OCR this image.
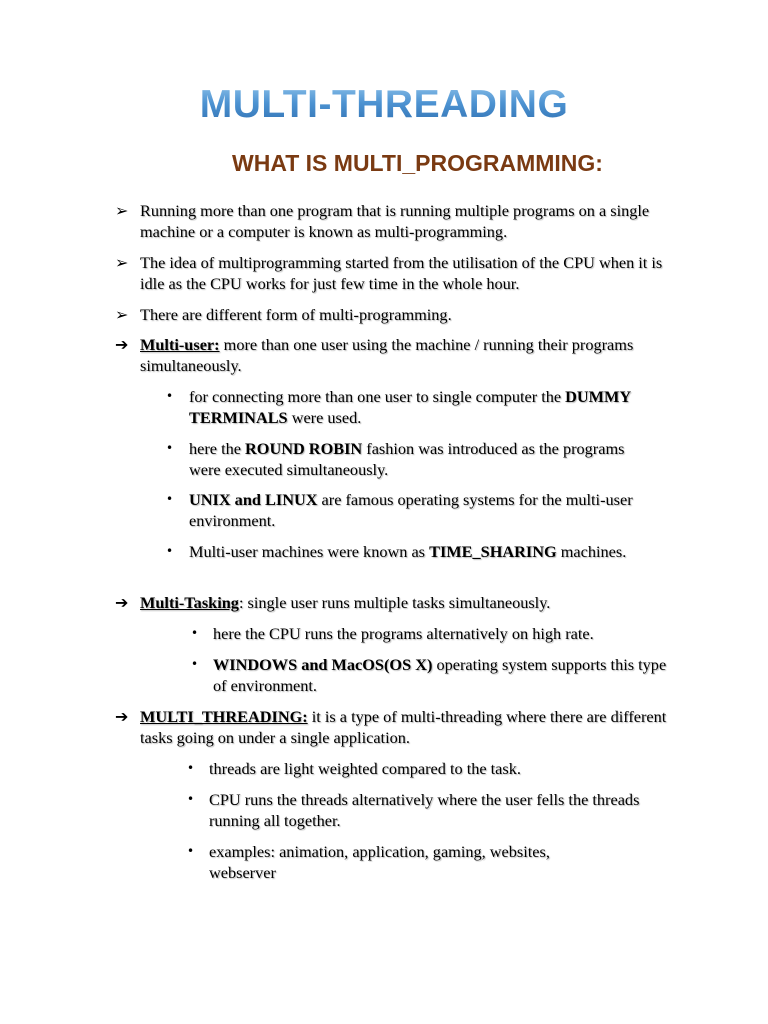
MULTI-THREADING
WHAT IS MULTI_PROGRAMMING:
➢ Running more than one program that is running multiple programs on a single machine or a computer is known as multi-programming.
➢ The idea of multiprogramming started from the utilisation of the CPU when it is idle as the CPU works for just few time in the whole hour.
➢ There are different form of multi-programming.
➔ Multi-user: more than one user using the machine / running their programs simultaneously.
• for connecting more than one user to single computer the DUMMY TERMINALS were used.
• here the ROUND ROBIN fashion was introduced as the programs were executed simultaneously.
• UNIX and LINUX are famous operating systems for the multi-user environment.
• Multi-user machines were known as TIME_SHARING machines.
➔ Multi-Tasking: single user runs multiple tasks simultaneously.
• here the CPU runs the programs alternatively on high rate.
• WINDOWS and MacOS(OS X) operating system supports this type of environment.
➔ MULTI_THREADING: it is a type of multi-threading where there are different tasks going on under a single application.
• threads are light weighted compared to the task.
• CPU runs the threads alternatively where the user fells the threads running all together.
• examples: animation, application, gaming, websites, webserver
